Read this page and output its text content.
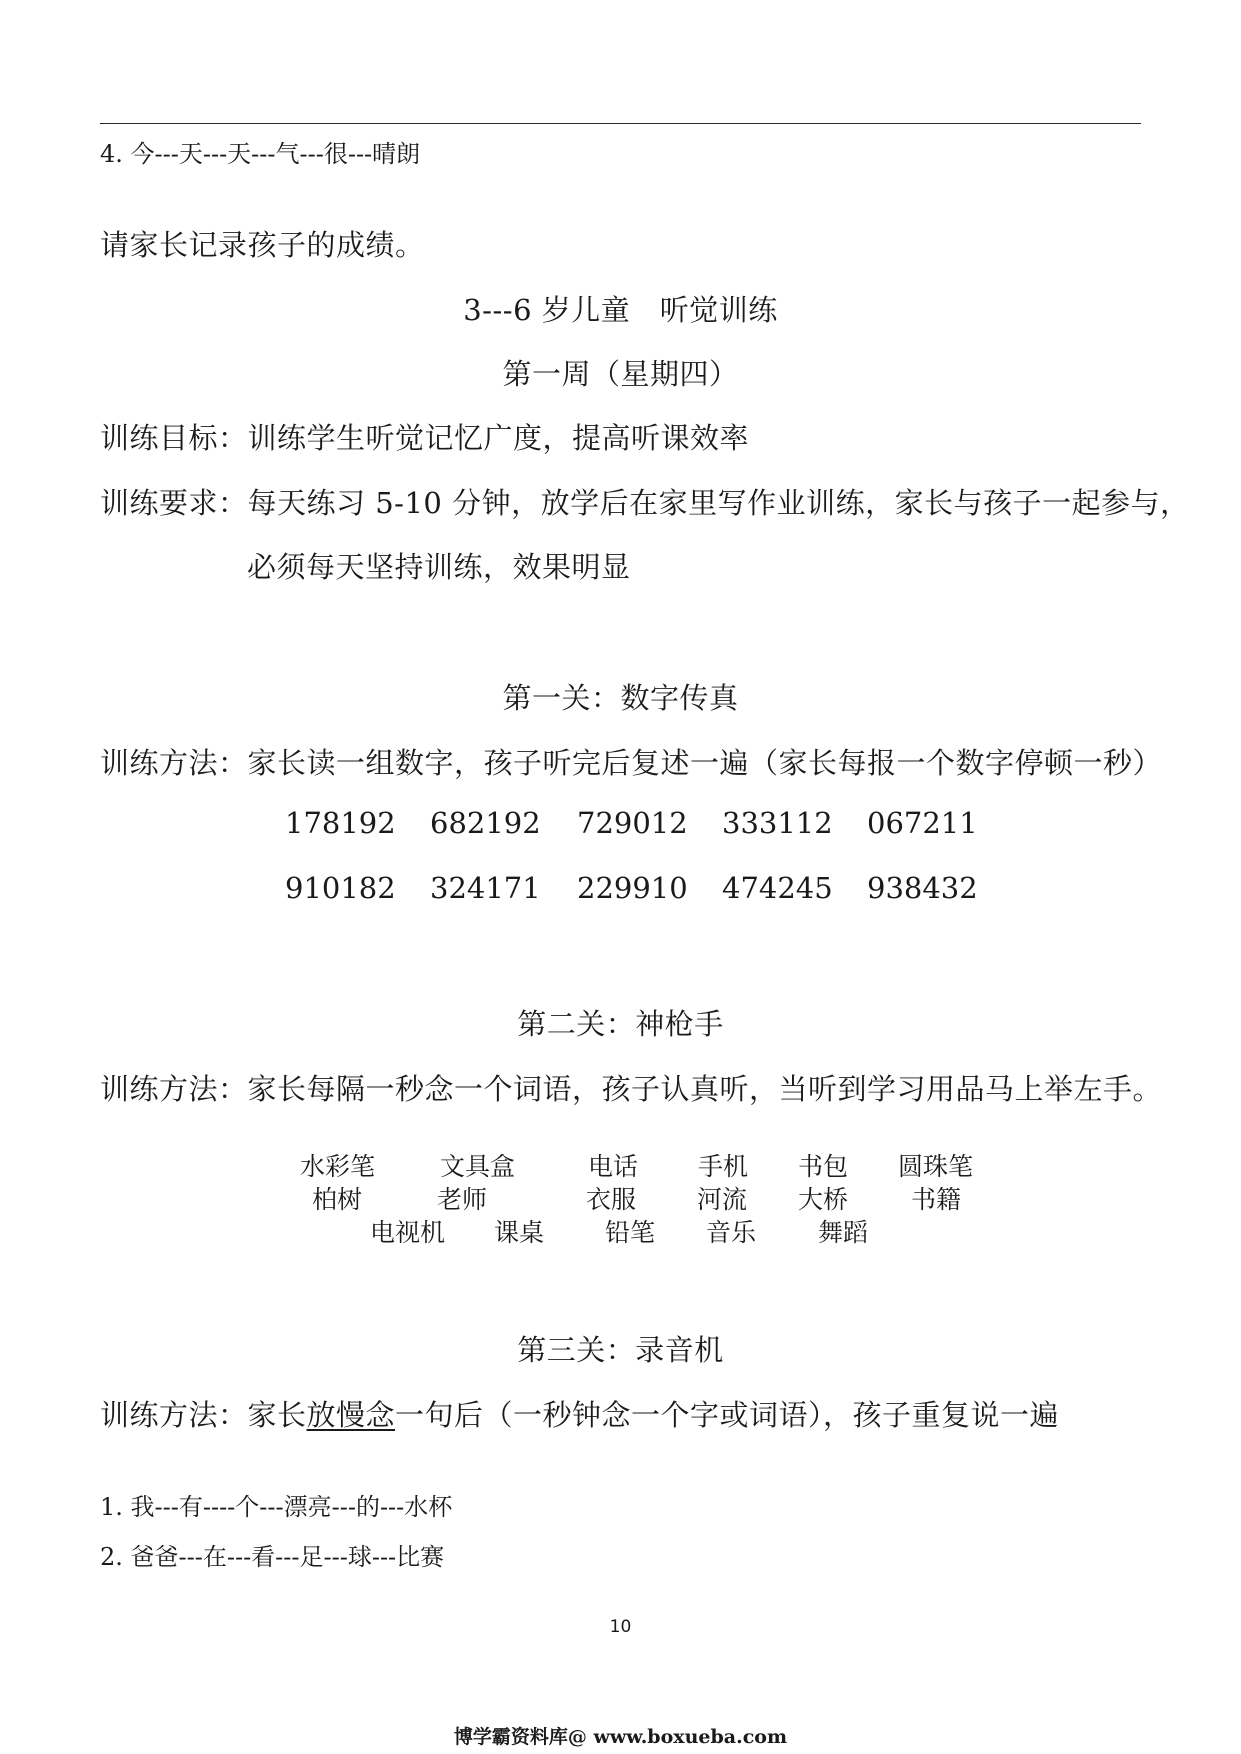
4. 今---天---天---气---很---晴朗
请家长记录孩子的成绩。
3---6 岁儿童　听觉训练
第一周（星期四）
训练目标：训练学生听觉记忆广度，提高听课效率
训练要求：每天练习 5-10 分钟，放学后在家里写作业训练，家长与孩子一起参与，
必须每天坚持训练，效果明显
第一关：数字传真
训练方法：家长读一组数字，孩子听完后复述一遍（家长每报一个数字停顿一秒）
178192 682192 729012 333112 067211
910182 324171 229910 474245 938432
第二关：神枪手
训练方法：家长每隔一秒念一个词语，孩子认真听，当听到学习用品马上举左手。
水彩笔	文具盒	电话 手机 书包 圆珠笔
柏树	老师	衣服 河流 大桥	书籍
电视机 课桌 铅笔 音乐 舞蹈
第三关：录音机
训练方法：家长放慢念一句后（一秒钟念一个字或词语），孩子重复说一遍
1. 我---有----个---漂亮---的---水杯
2. 爸爸---在---看---足---球---比赛
10
博学霸资料库@ www.boxueba.com
